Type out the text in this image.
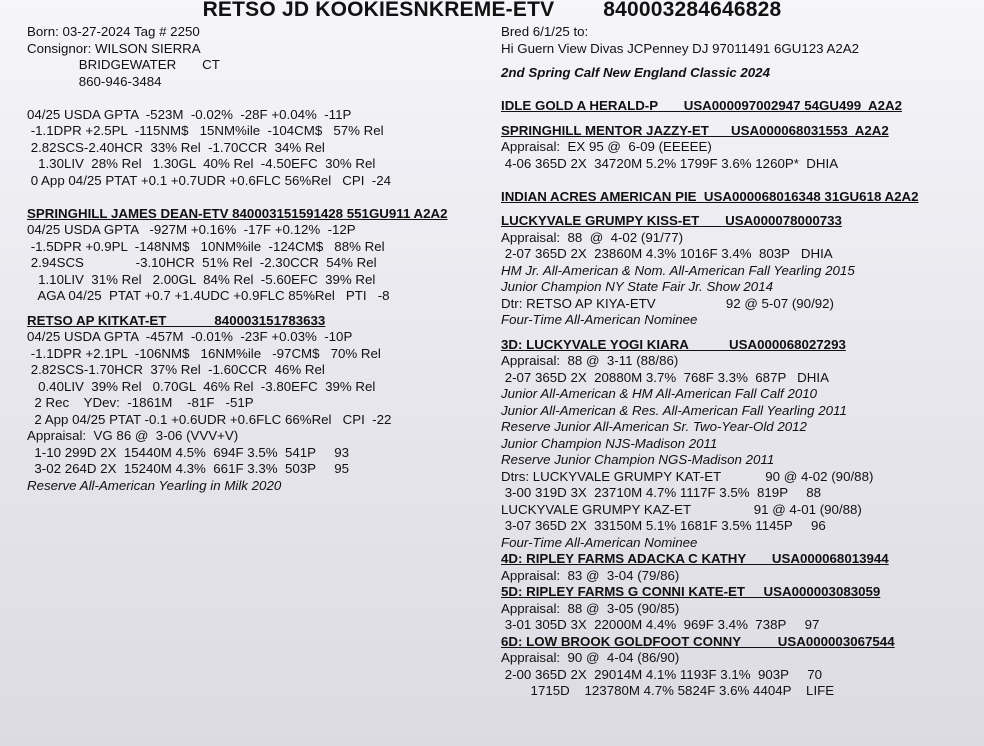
RETSO JD KOOKIESNKREME-ETV 840003284646828
Born: 03-27-2024 Tag # 2250
Consignor: WILSON SIERRA
BRIDGEWATER       CT
860-946-3484
04/25 USDA GPTA  -523M  -0.02%  -28F +0.04%  -11P
-1.1DPR +2.5PL  -115NM$   15NM%ile  -104CM$   57% Rel
2.82SCS-2.40HCR  33% Rel  -1.70CCR  34% Rel
1.30LIV  28% Rel   1.30GL  40% Rel  -4.50EFC  30% Rel
0 App 04/25 PTAT +0.1 +0.7UDR +0.6FLC 56%Rel   CPI  -24
SPRINGHILL JAMES DEAN-ETV 840003151591428 551GU911 A2A2
04/25 USDA GPTA   -927M +0.16%  -17F +0.12%  -12P
-1.5DPR +0.9PL  -148NM$   10NM%ile  -124CM$   88% Rel
2.94SCS              -3.10HCR  51% Rel  -2.30CCR  54% Rel
1.10LIV  31% Rel   2.00GL  84% Rel  -5.60EFC  39% Rel
AGA 04/25  PTAT +0.7 +1.4UDC +0.9FLC 85%Rel   PTI   -8
RETSO AP KITKAT-ET             840003151783633
04/25 USDA GPTA  -457M  -0.01%  -23F +0.03%  -10P
-1.1DPR +2.1PL  -106NM$   16NM%ile   -97CM$   70% Rel
2.82SCS-1.70HCR  37% Rel  -1.60CCR  46% Rel
0.40LIV  39% Rel   0.70GL  46% Rel  -3.80EFC  39% Rel
2 Rec    YDev:  -1861M    -81F   -51P
2 App 04/25 PTAT -0.1 +0.6UDR +0.6FLC 66%Rel   CPI  -22
Appraisal:  VG 86 @  3-06 (VVV+V)
1-10 299D 2X  15440M 4.5%  694F 3.5%  541P     93
3-02 264D 2X  15240M 4.3%  661F 3.3%  503P     95
Reserve All-American Yearling in Milk 2020
Bred 6/1/25 to:
Hi Guern View Divas JCPenney DJ 97011491 6GU123 A2A2
2nd Spring Calf New England Classic 2024
IDLE GOLD A HERALD-P       USA000097002947 54GU499  A2A2
SPRINGHILL MENTOR JAZZY-ET      USA000068031553  A2A2
Appraisal:  EX 95 @  6-09 (EEEEE)
4-06 365D 2X  34720M 5.2% 1799F 3.6% 1260P*  DHIA
INDIAN ACRES AMERICAN PIE  USA000068016348 31GU618 A2A2
LUCKYVALE GRUMPY KISS-ET       USA000078000733
Appraisal:  88  @  4-02 (91/77)
2-07 365D 2X  23860M 4.3% 1016F 3.4%  803P   DHIA
HM Jr. All-American & Nom. All-American Fall Yearling 2015
Junior Champion NY State Fair Jr. Show 2014
Dtr: RETSO AP KIYA-ETV                   92 @ 5-07 (90/92)
Four-Time All-American Nominee
3D: LUCKYVALE YOGI KIARA           USA000068027293
Appraisal:  88 @  3-11 (88/86)
2-07 365D 2X  20880M 3.7%  768F 3.3%  687P   DHIA
Junior All-American & HM All-American Fall Calf 2010
Junior All-American & Res. All-American Fall Yearling 2011
Reserve Junior All-American Sr. Two-Year-Old 2012
Junior Champion NJS-Madison 2011
Reserve Junior Champion NGS-Madison 2011
Dtrs: LUCKYVALE GRUMPY KAT-ET            90 @ 4-02 (90/88)
3-00 319D 3X  23710M 4.7% 1117F 3.5%  819P     88
LUCKYVALE GRUMPY KAZ-ET                 91 @ 4-01 (90/88)
3-07 365D 2X  33150M 5.1% 1681F 3.5% 1145P     96
Four-Time All-American Nominee
4D: RIPLEY FARMS ADACKA C KATHY       USA000068013944
Appraisal:  83 @  3-04 (79/86)
5D: RIPLEY FARMS G CONNI KATE-ET     USA000003083059
Appraisal:  88 @  3-05 (90/85)
3-01 305D 3X  22000M 4.4%  969F 3.4%  738P     97
6D: LOW BROOK GOLDFOOT CONNY          USA000003067544
Appraisal:  90 @  4-04 (86/90)
2-00 365D 2X  29014M 4.1% 1193F 3.1%  903P     70
1715D    123780M 4.7% 5824F 3.6% 4404P    LIFE
